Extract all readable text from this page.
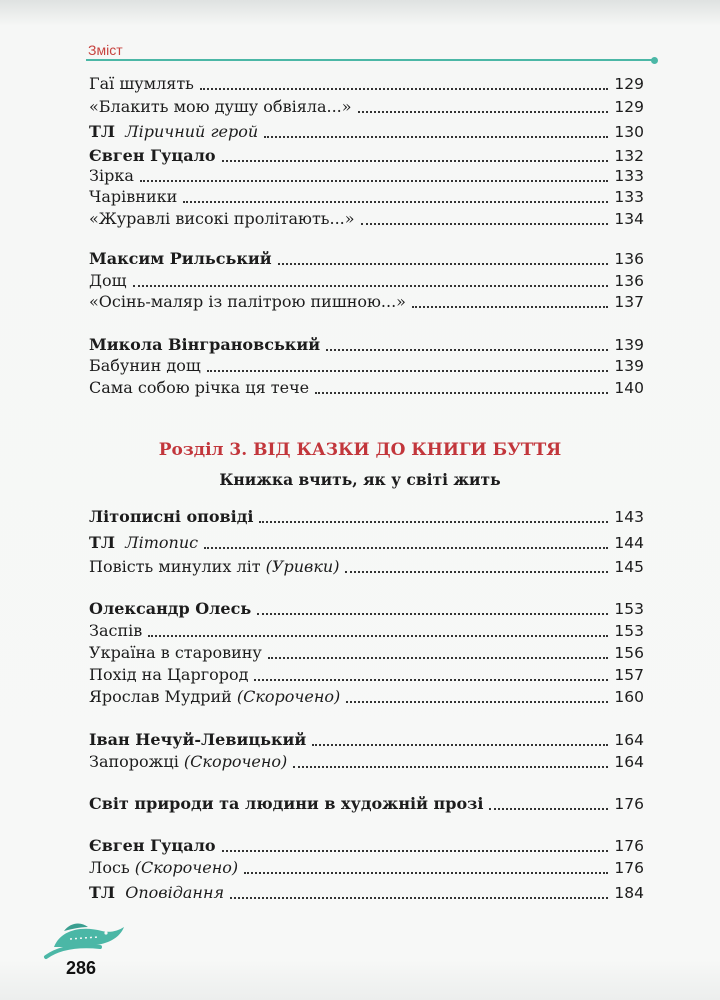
Зміст
Гаї шумлять	129
«Блакить мою душу обвіяла...»	129
ТЛ Ліричний герой	130
Євген Гуцало	132
Зірка	133
Чарівники	133
«Журавлі високі пролітають...»	134
Максим Рильський	136
Дощ	136
«Осінь-маляр із палітрою пишною...»	137
Микола Вінграновський	139
Бабунин дощ	139
Сама собою річка ця тече	140
Розділ 3. ВІД КАЗКИ ДО КНИГИ БУТТЯ
Книжка вчить, як у світі жить
Літописні оповіді	143
ТЛ Літопис	144
Повість минулих літ (Уривки)	145
Олександр Олесь	153
Заспів	153
Україна в старовину	156
Похід на Царгород	157
Ярослав Мудрий (Скорочено)	160
Іван Нечуй-Левицький	164
Запорожці (Скорочено)	164
Світ природи та людини в художній прозі	176
Євген Гуцало	176
Лось (Скорочено)	176
ТЛ Оповідання	184
286
